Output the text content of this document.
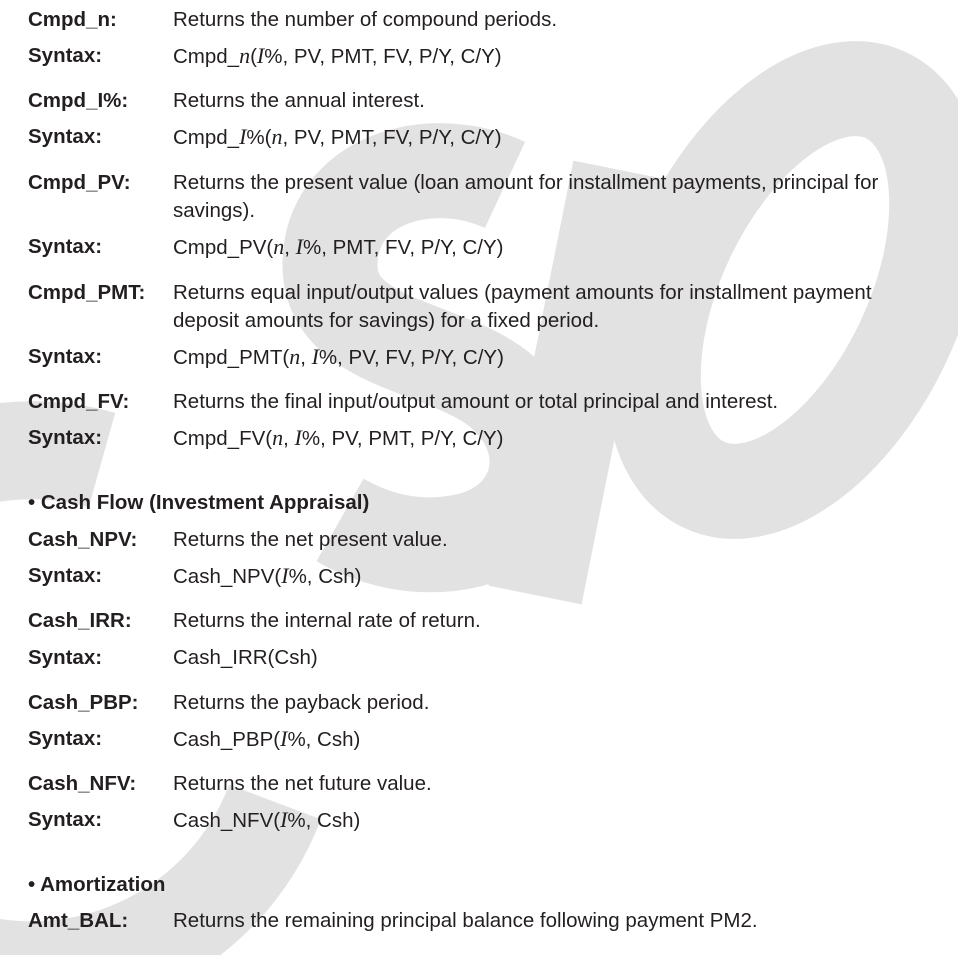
Cmpd_n:	Returns the number of compound periods.
Syntax:	Cmpd_n(I%, PV, PMT, FV, P/Y, C/Y)
Cmpd_I%: Returns the annual interest.
Syntax:	Cmpd_I%(n, PV, PMT, FV, P/Y, C/Y)
Cmpd_PV: Returns the present value (loan amount for installment payments, principal for
savings).
Syntax:	Cmpd_PV(n, I%, PMT, FV, P/Y, C/Y)
Cmpd_PMT: Returns equal input/output values (payment amounts for installment payment
deposit amounts for savings) for a fixed period.
Syntax:	Cmpd_PMT(n, I%, PV, FV, P/Y, C/Y)
Cmpd_FV: Returns the final input/output amount or total principal and interest.
Syntax:	Cmpd_FV(n, I%, PV, PMT, P/Y, C/Y)
• Cash Flow (Investment Appraisal)
Cash_NPV: Returns the net present value.
Syntax:	Cash_NPV(I%, Csh)
Cash_IRR: Returns the internal rate of return.
Syntax:	Cash_IRR(Csh)
Cash_PBP: Returns the payback period.
Syntax:	Cash_PBP(I%, Csh)
Cash_NFV: Returns the net future value.
Syntax:	Cash_NFV(I%, Csh)
• Amortization
Amt_BAL: Returns the remaining principal balance following payment PM2.
